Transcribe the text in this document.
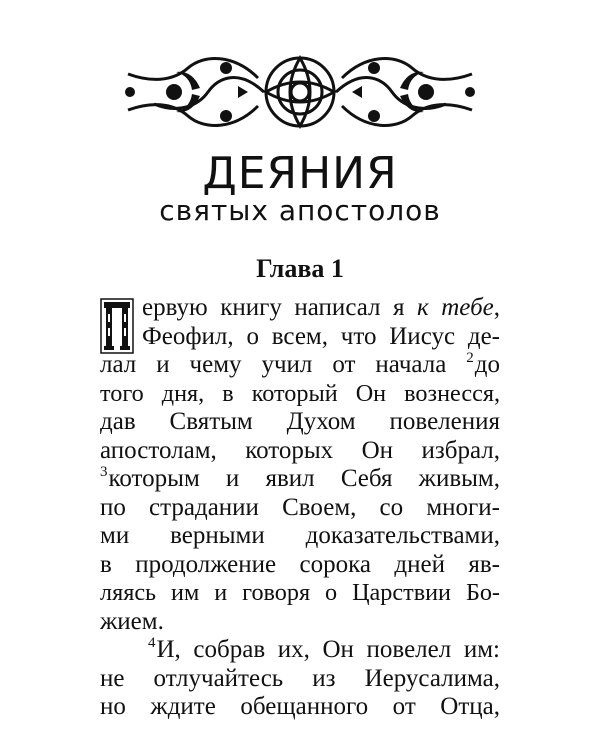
ДЕЯНИЯ
святых апостолов
Глава 1
ервую книгу написал я к тебе,
Феофил, о всем, что Иисус де-
лал и чему учил от начала $^2$до
того дня, в который Он вознесся,
дав Святым Духом повеления
апостолам, которых Он избрал,
$^3$которым и явил Себя живым,
по страдании Своем, со многи-
ми верными доказательствами,
в продолжение сорока дней яв-
ляясь им и говоря о Царствии Бо-
жием.
$^4$И, собрав их, Он повелел им:
не отлучайтесь из Иерусалима,
но ждите обещанного от Отца,
